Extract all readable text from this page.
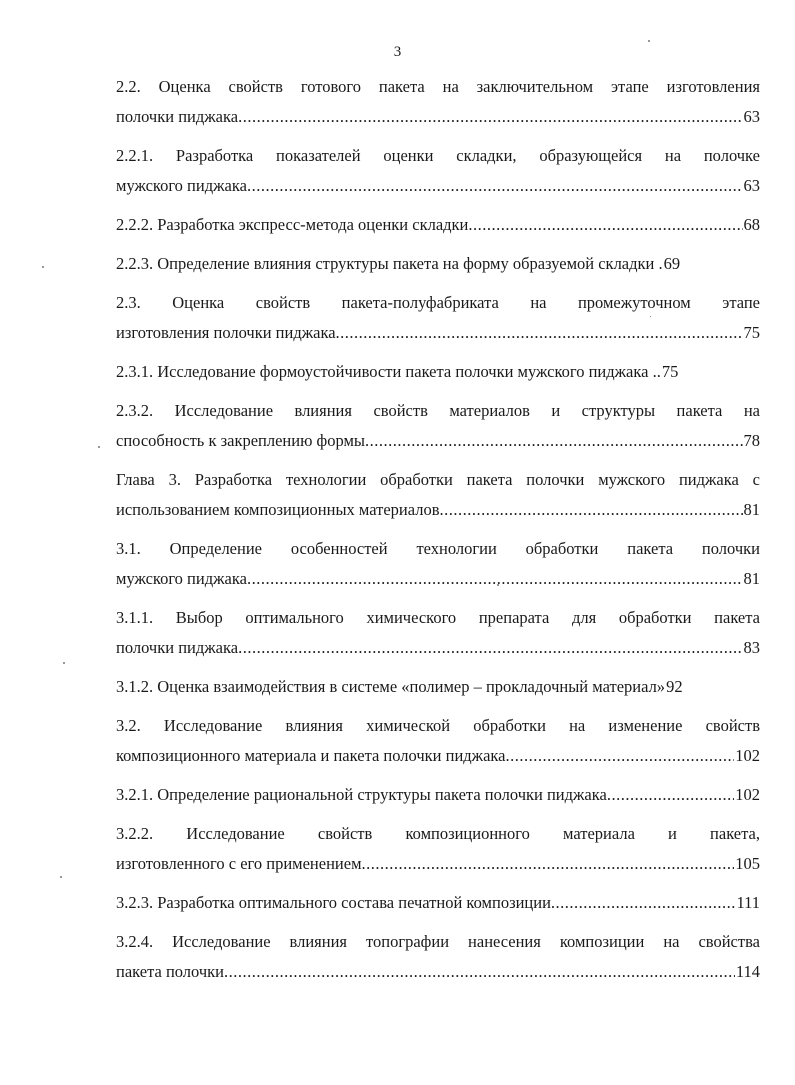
3
2.2. Оценка свойств готового пакета на заключительном этапе изготовления
полочки пиджака .....	63
2.2.1. Разработка показателей оценки складки, образующейся на полочке
мужского пиджака .....	63
2.2.2. Разработка экспресс-метода оценки складки .....	68
2.2.3. Определение влияния структуры пакета на форму образуемой складки . 69
2.3. Оценка свойств пакета-полуфабриката на промежуточном этапе
изготовления полочки пиджака .....	75
2.3.1. Исследование формоустойчивости пакета полочки мужского пиджака .. 75
2.3.2. Исследование влияния свойств материалов и структуры пакета на
способность к закреплению формы .....	78
Глава 3. Разработка технологии обработки пакета полочки мужского пиджака с
использованием композиционных материалов .....	81
3.1. Определение особенностей технологии обработки пакета полочки
мужского пиджака .....	81
3.1.1. Выбор оптимального химического препарата для обработки пакета
полочки пиджака .....	83
3.1.2. Оценка взаимодействия в системе «полимер – прокладочный материал» 92
3.2. Исследование влияния химической обработки на изменение свойств
композиционного материала и пакета полочки пиджака .....	102
3.2.1. Определение рациональной структуры пакета полочки пиджака .....	102
3.2.2. Исследование свойств композиционного материала и пакета,
изготовленного с его применением .....	105
3.2.3. Разработка оптимального состава печатной композиции .....	111
3.2.4. Исследование влияния топографии нанесения композиции на свойства
пакета полочки .....	114
